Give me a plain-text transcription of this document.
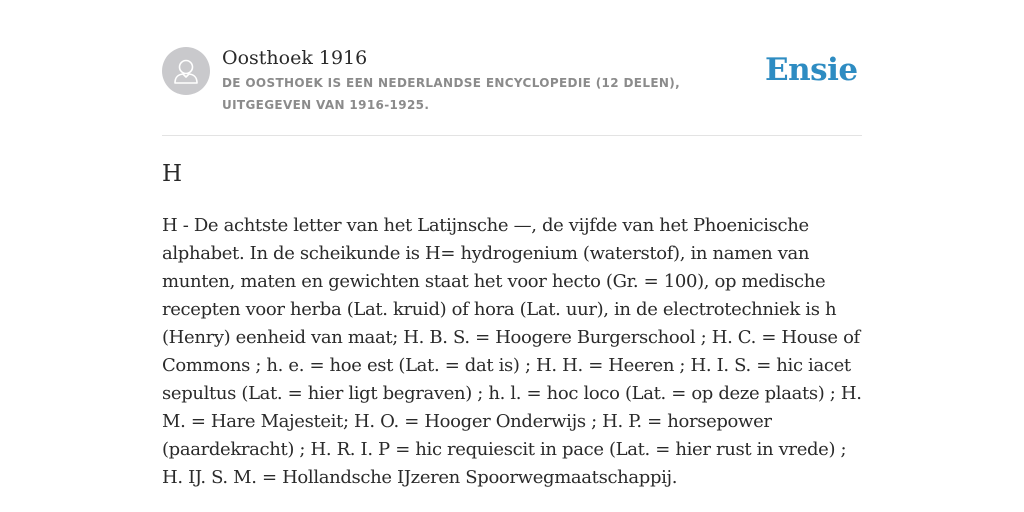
Oosthoek 1916
DE OOSTHOEK IS EEN NEDERLANDSE ENCYCLOPEDIE (12 DELEN), UITGEGEVEN VAN 1916-1925.
Ensie
H

H - De achtste letter van het Latijnsche —, de vijfde van het Phoenicische alphabet. In de scheikunde is H= hydrogenium (waterstof), in namen van munten, maten en gewichten staat het voor hecto (Gr. = 100), op medische recepten voor herba (Lat. kruid) of hora (Lat. uur), in de electrotechniek is h (Henry) eenheid van maat; H. B. S. = Hoogere Burgerschool ; H. C. = House of Commons ; h. e. = hoe est (Lat. = dat is) ; H. H. = Heeren ; H. I. S. = hic iacet sepultus (Lat. = hier ligt begraven) ; h. l. = hoc loco (Lat. = op deze plaats) ; H. M. = Hare Majesteit; H. O. = Hooger Onderwijs ; H. P. = horsepower (paardekracht) ; H. R. I. P = hic requiescit in pace (Lat. = hier rust in vrede) ; H. IJ. S. M. = Hollandsche IJzeren Spoorwegmaatschappij.
